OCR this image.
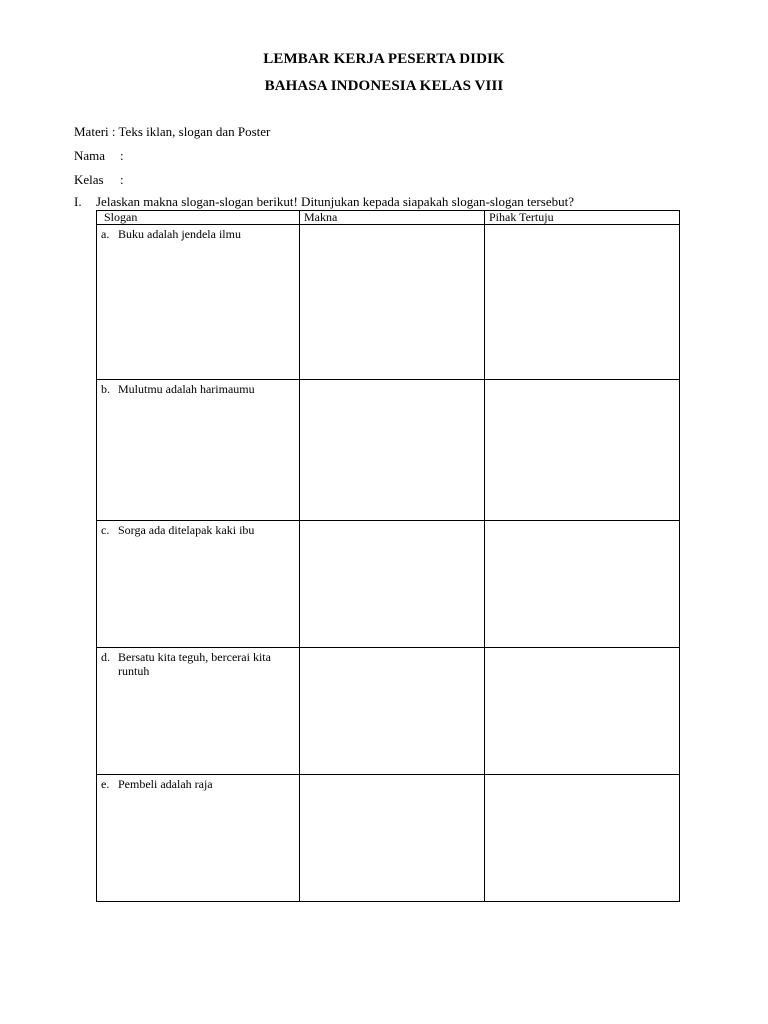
LEMBAR KERJA PESERTA DIDIK
BAHASA INDONESIA KELAS VIII
Materi : Teks iklan, slogan dan Poster
Nama :
Kelas :
I. Jelaskan makna slogan-slogan berikut! Ditunjukan kepada siapakah slogan-slogan tersebut?
Slogan	Makna	Pihak Tertuju

a. Buku adalah jendela ilmu		

b. Mulutmu adalah harimaumu		

c. Sorga ada ditelapak kaki ibu		

d. Bersatu kita teguh, bercerai kita runtuh		

e. Pembeli adalah raja		
